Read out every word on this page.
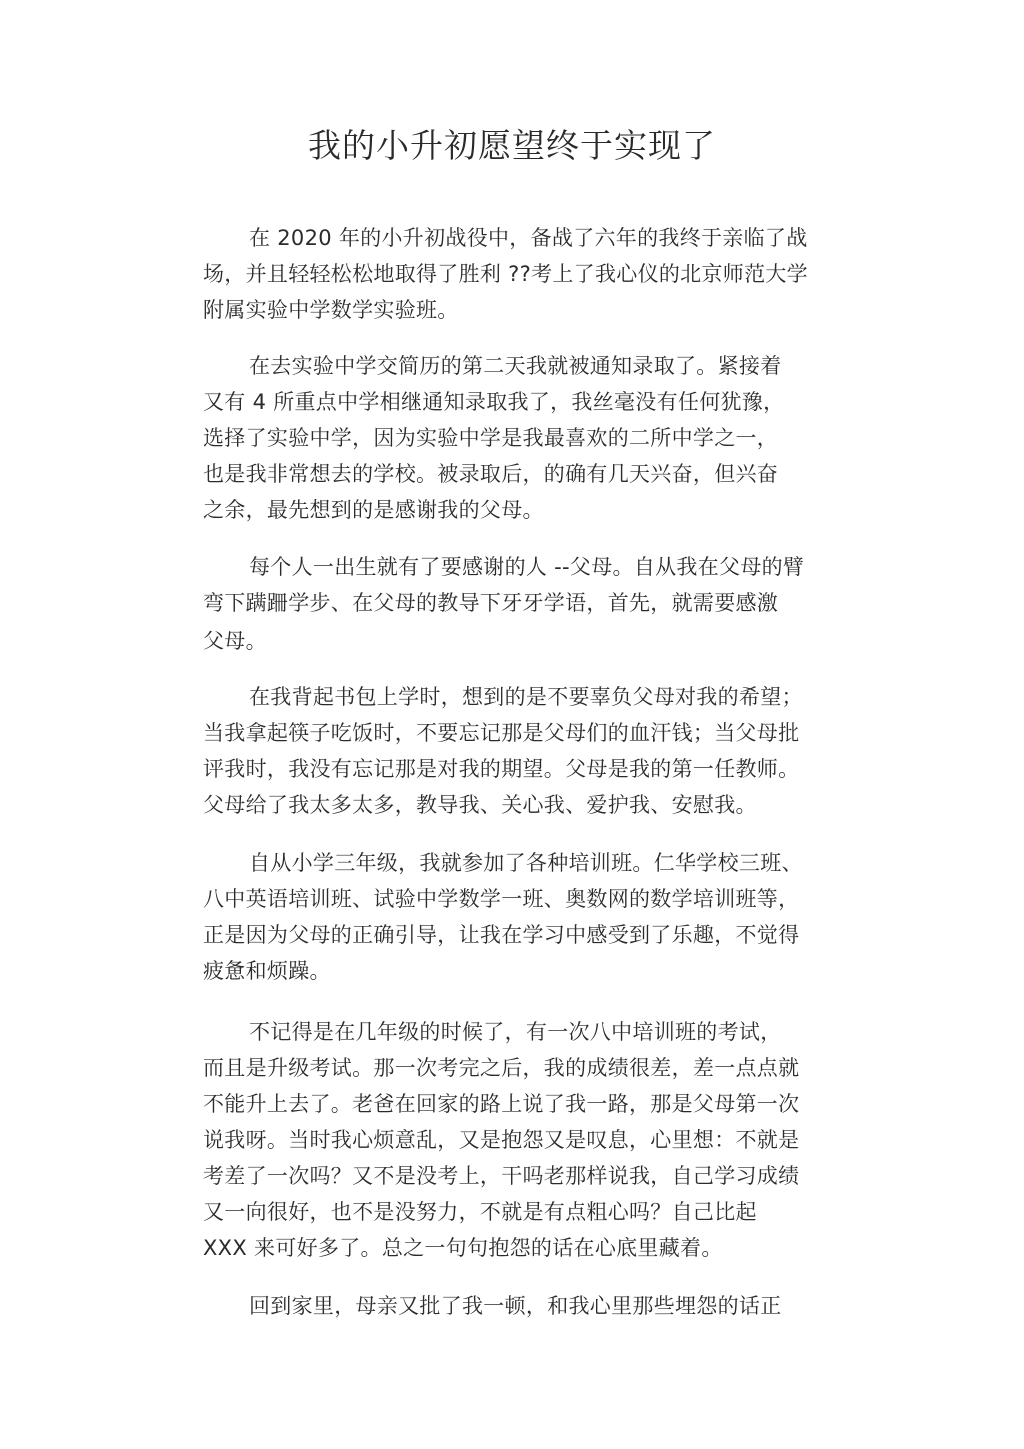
我的小升初愿望终于实现了
在 2020 年的小升初战役中，备战了六年的我终于亲临了战
场，并且轻轻松松地取得了胜利 ??考上了我心仪的北京师范大学
附属实验中学数学实验班。
在去实验中学交简历的第二天我就被通知录取了。紧接着
又有 4 所重点中学相继通知录取我了，我丝毫没有任何犹豫，
选择了实验中学，因为实验中学是我最喜欢的二所中学之一，
也是我非常想去的学校。被录取后，的确有几天兴奋，但兴奋
之余，最先想到的是感谢我的父母。
每个人一出生就有了要感谢的人 --父母。自从我在父母的臂
弯下蹒跚学步、在父母的教导下牙牙学语，首先，就需要感激
父母。
在我背起书包上学时，想到的是不要辜负父母对我的希望；
当我拿起筷子吃饭时，不要忘记那是父母们的血汗钱；当父母批
评我时，我没有忘记那是对我的期望。父母是我的第一任教师。
父母给了我太多太多，教导我、关心我、爱护我、安慰我。
自从小学三年级，我就参加了各种培训班。仁华学校三班、
八中英语培训班、试验中学数学一班、奥数网的数学培训班等，
正是因为父母的正确引导，让我在学习中感受到了乐趣，不觉得
疲惫和烦躁。
不记得是在几年级的时候了，有一次八中培训班的考试，
而且是升级考试。那一次考完之后，我的成绩很差，差一点点就
不能升上去了。老爸在回家的路上说了我一路，那是父母第一次
说我呀。当时我心烦意乱，又是抱怨又是叹息，心里想：不就是
考差了一次吗？又不是没考上，干吗老那样说我，自己学习成绩
又一向很好，也不是没努力，不就是有点粗心吗？自己比起
XXX 来可好多了。总之一句句抱怨的话在心底里藏着。
回到家里，母亲又批了我一顿，和我心里那些埋怨的话正
